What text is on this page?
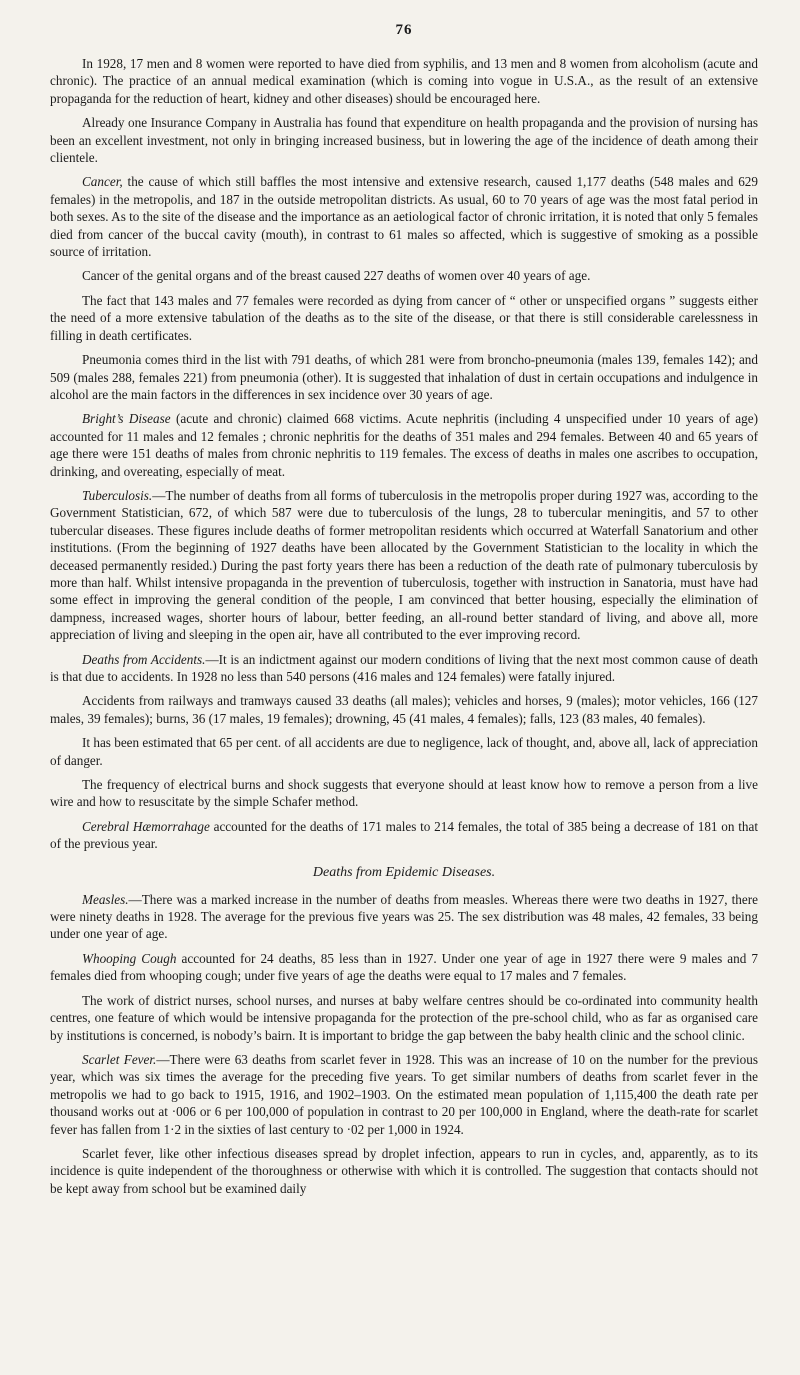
76

In 1928, 17 men and 8 women were reported to have died from syphilis, and 13 men and 8 women from alcoholism (acute and chronic). The practice of an annual medical examination (which is coming into vogue in U.S.A., as the result of an extensive propaganda for the reduction of heart, kidney and other diseases) should be encouraged here.

Already one Insurance Company in Australia has found that expenditure on health propaganda and the provision of nursing has been an excellent investment, not only in bringing increased business, but in lowering the age of the incidence of death among their clientele.

Cancer, the cause of which still baffles the most intensive and extensive research, caused 1,177 deaths (548 males and 629 females) in the metropolis, and 187 in the outside metropolitan districts. As usual, 60 to 70 years of age was the most fatal period in both sexes. As to the site of the disease and the importance as an aetiological factor of chronic irritation, it is noted that only 5 females died from cancer of the buccal cavity (mouth), in contrast to 61 males so affected, which is suggestive of smoking as a possible source of irritation.

Cancer of the genital organs and of the breast caused 227 deaths of women over 40 years of age.

The fact that 143 males and 77 females were recorded as dying from cancer of “ other or unspecified organs ” suggests either the need of a more extensive tabulation of the deaths as to the site of the disease, or that there is still considerable carelessness in filling in death certificates.

Pneumonia comes third in the list with 791 deaths, of which 281 were from broncho-pneumonia (males 139, females 142); and 509 (males 288, females 221) from pneumonia (other). It is suggested that inhalation of dust in certain occupations and indulgence in alcohol are the main factors in the differences in sex incidence over 30 years of age.

Bright’s Disease (acute and chronic) claimed 668 victims. Acute nephritis (including 4 unspecified under 10 years of age) accounted for 11 males and 12 females ; chronic nephritis for the deaths of 351 males and 294 females. Between 40 and 65 years of age there were 151 deaths of males from chronic nephritis to 119 females. The excess of deaths in males one ascribes to occupation, drinking, and overeating, especially of meat.

Tuberculosis.—The number of deaths from all forms of tuberculosis in the metropolis proper during 1927 was, according to the Government Statistician, 672, of which 587 were due to tuberculosis of the lungs, 28 to tubercular meningitis, and 57 to other tubercular diseases. These figures include deaths of former metropolitan residents which occurred at Waterfall Sanatorium and other institutions. (From the beginning of 1927 deaths have been allocated by the Government Statistician to the locality in which the deceased permanently resided.) During the past forty years there has been a reduction of the death rate of pulmonary tuberculosis by more than half. Whilst intensive propaganda in the prevention of tuberculosis, together with instruction in Sanatoria, must have had some effect in improving the general condition of the people, I am convinced that better housing, especially the elimination of dampness, increased wages, shorter hours of labour, better feeding, an all-round better standard of living, and above all, more appreciation of living and sleeping in the open air, have all contributed to the ever improving record.

Deaths from Accidents.—It is an indictment against our modern conditions of living that the next most common cause of death is that due to accidents. In 1928 no less than 540 persons (416 males and 124 females) were fatally injured.

Accidents from railways and tramways caused 33 deaths (all males); vehicles and horses, 9 (males); motor vehicles, 166 (127 males, 39 females); burns, 36 (17 males, 19 females); drowning, 45 (41 males, 4 females); falls, 123 (83 males, 40 females).

It has been estimated that 65 per cent. of all accidents are due to negligence, lack of thought, and, above all, lack of appreciation of danger.

The frequency of electrical burns and shock suggests that everyone should at least know how to remove a person from a live wire and how to resuscitate by the simple Schafer method.

Cerebral Hæmorrahage accounted for the deaths of 171 males to 214 females, the total of 385 being a decrease of 181 on that of the previous year.

Deaths from Epidemic Diseases.

Measles.—There was a marked increase in the number of deaths from measles. Whereas there were two deaths in 1927, there were ninety deaths in 1928. The average for the previous five years was 25. The sex distribution was 48 males, 42 females, 33 being under one year of age.

Whooping Cough accounted for 24 deaths, 85 less than in 1927. Under one year of age in 1927 there were 9 males and 7 females died from whooping cough; under five years of age the deaths were equal to 17 males and 7 females.

The work of district nurses, school nurses, and nurses at baby welfare centres should be co-ordinated into community health centres, one feature of which would be intensive propaganda for the protection of the pre-school child, who as far as organised care by institutions is concerned, is nobody’s bairn. It is important to bridge the gap between the baby health clinic and the school clinic.

Scarlet Fever.—There were 63 deaths from scarlet fever in 1928. This was an increase of 10 on the number for the previous year, which was six times the average for the preceding five years. To get similar numbers of deaths from scarlet fever in the metropolis we had to go back to 1915, 1916, and 1902–1903. On the estimated mean population of 1,115,400 the death rate per thousand works out at ·006 or 6 per 100,000 of population in contrast to 20 per 100,000 in England, where the death-rate for scarlet fever has fallen from 1·2 in the sixties of last century to ·02 per 1,000 in 1924.

Scarlet fever, like other infectious diseases spread by droplet infection, appears to run in cycles, and, apparently, as to its incidence is quite independent of the thoroughness or otherwise with which it is controlled. The suggestion that contacts should not be kept away from school but be examined daily
